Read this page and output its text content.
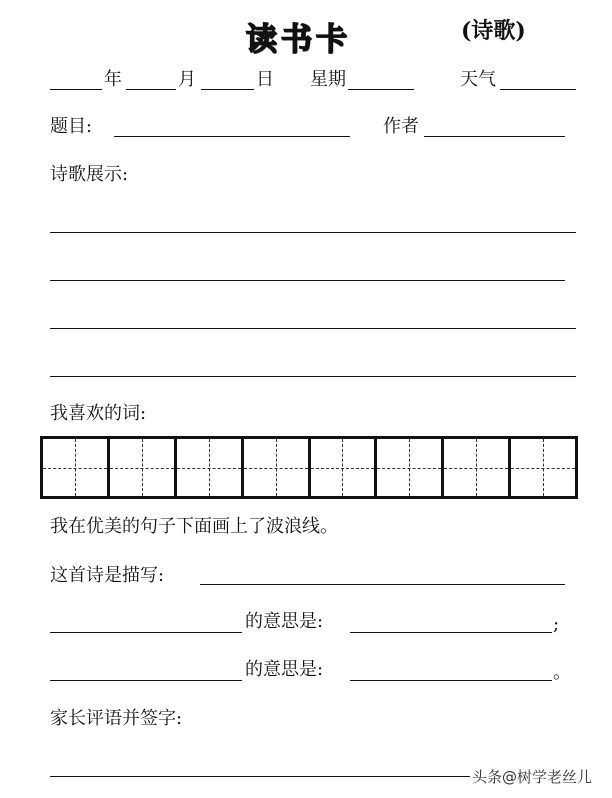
读书卡	(诗歌)
年	月	日 星期	天气
题目:	作者
诗歌展示:
我喜欢的词:
我在优美的句子下面画上了波浪线。
这首诗是描写:
的意思是:	;
的意思是:	。
家长评语并签字:
头条@树学老丝儿
